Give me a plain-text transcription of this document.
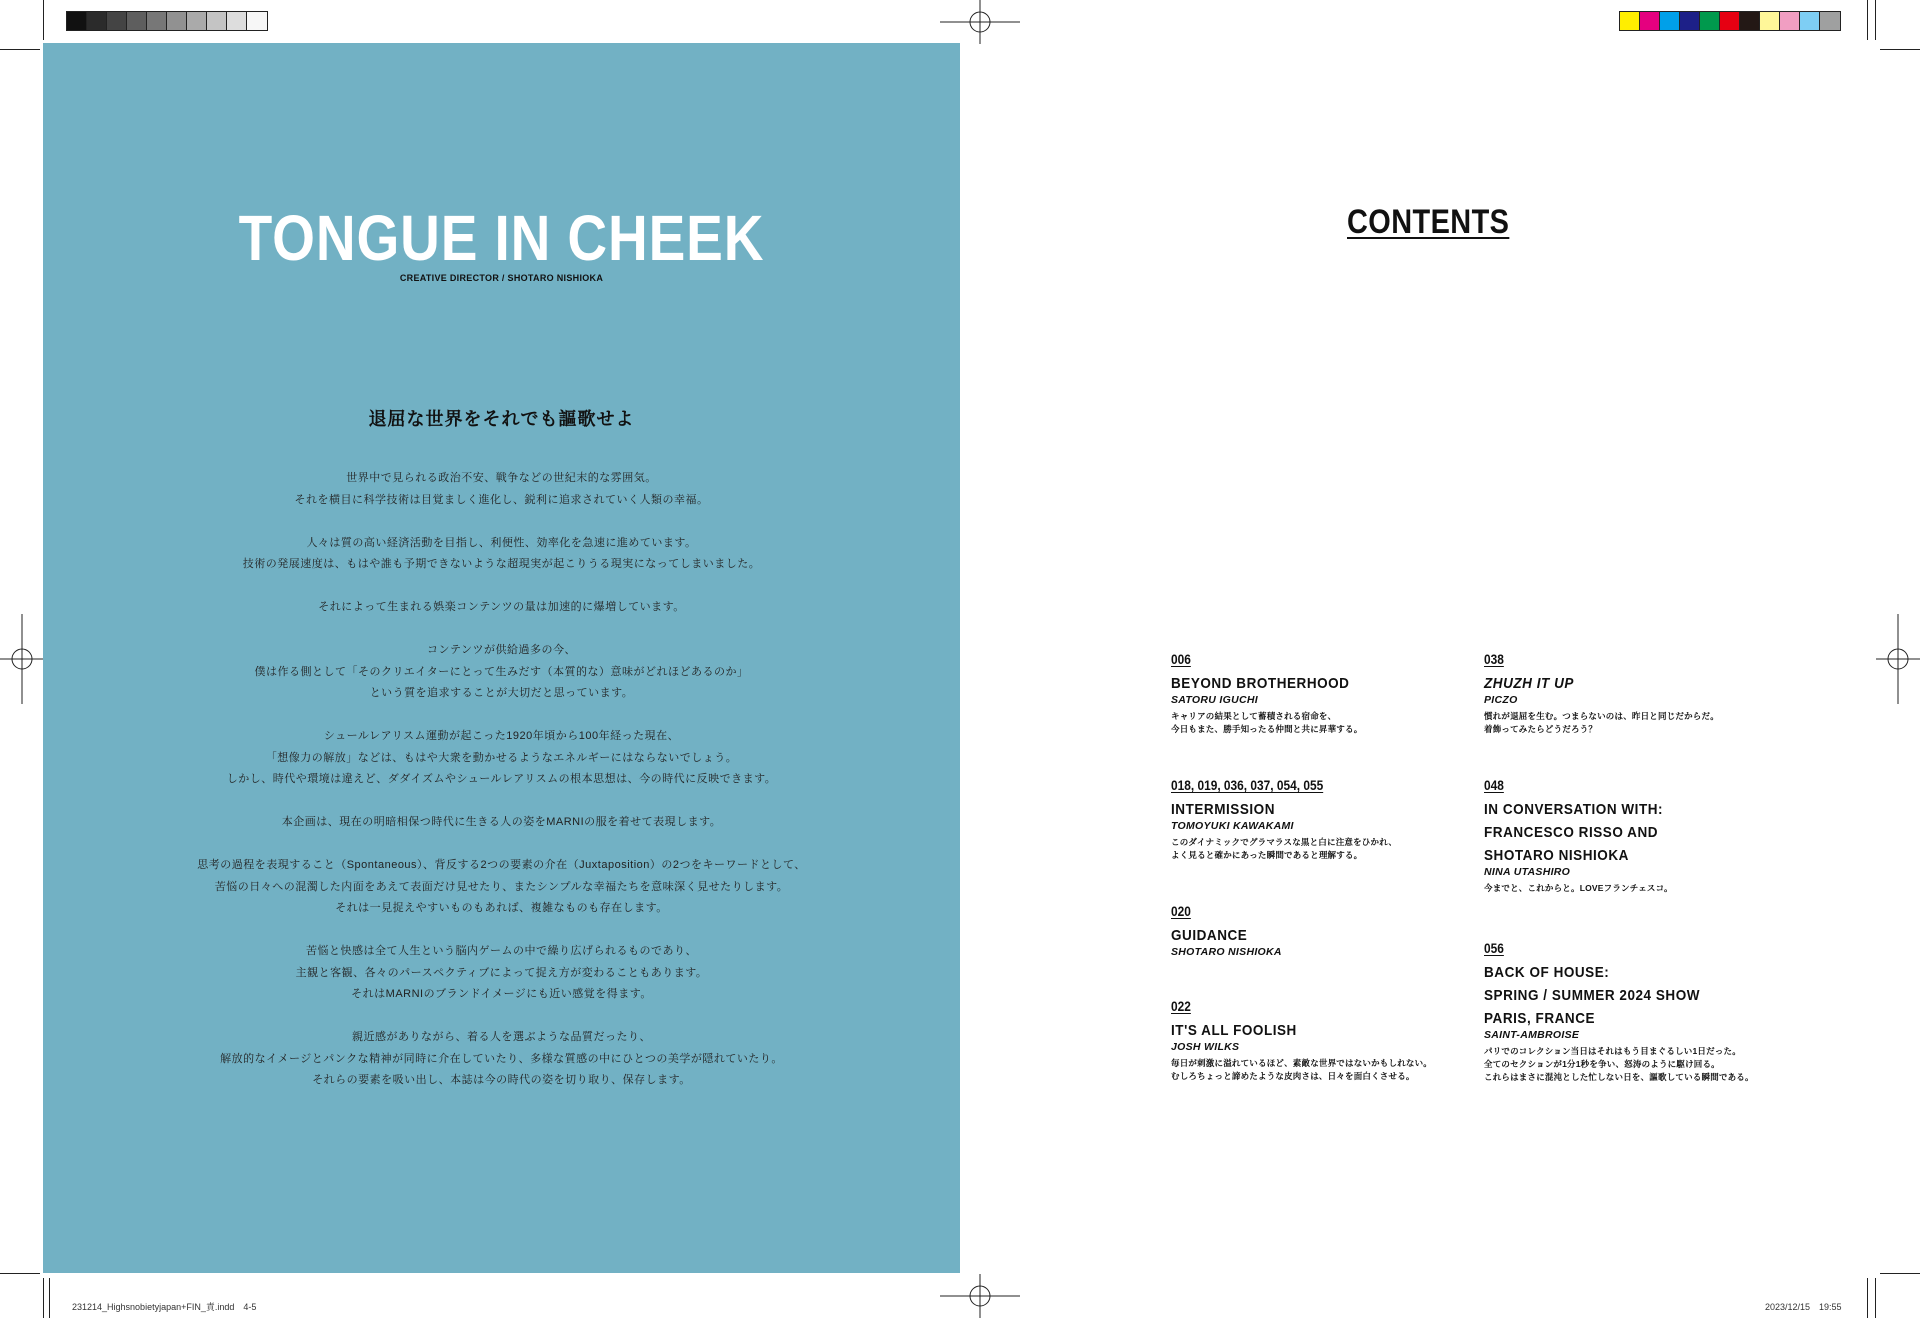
TONGUE IN CHEEK
CREATIVE DIRECTOR / SHOTARO NISHIOKA
退屈な世界をそれでも謳歌せよ

世界中で見られる政治不安、戦争などの世紀末的な雰囲気。
それを横目に科学技術は目覚ましく進化し、鋭利に追求されていく人類の幸福。

人々は質の高い経済活動を目指し、利便性、効率化を急速に進めています。
技術の発展速度は、もはや誰も予期できないような超現実が起こりうる現実になってしまいました。

それによって生まれる娯楽コンテンツの量は加速的に爆増しています。

コンテンツが供給過多の今、
僕は作る側として「そのクリエイターにとって生みだす（本質的な）意味がどれほどあるのか」
という質を追求することが大切だと思っています。

シュールレアリスム運動が起こった1920年頃から100年経った現在、
「想像力の解放」などは、もはや大衆を動かせるようなエネルギーにはならないでしょう。
しかし、時代や環境は違えど、ダダイズムやシュールレアリスムの根本思想は、今の時代に反映できます。

本企画は、現在の明暗相保つ時代に生きる人の姿をMARNIの服を着せて表現します。

思考の過程を表現すること（Spontaneous）、背反する2つの要素の介在（Juxtaposition）の2つをキーワードとして、
苦悩の日々への混濁した内面をあえて表面だけ見せたり、またシンプルな幸福たちを意味深く見せたりします。
それは一見捉えやすいものもあれば、複雑なものも存在します。

苦悩と快感は全て人生という脳内ゲームの中で繰り広げられるものであり、
主観と客観、各々のパースペクティブによって捉え方が変わることもあります。
それはMARNIのブランドイメージにも近い感覚を得ます。

親近感がありながら、着る人を選ぶような品質だったり、
解放的なイメージとパンクな精神が同時に介在していたり、多様な質感の中にひとつの美学が隠れていたり。
それらの要素を吸い出し、本誌は今の時代の姿を切り取り、保存します。

CONTENTS
006
BEYOND BROTHERHOOD
SATORU IGUCHI
キャリアの結果として蓄積される宿命を、
今日もまた、勝手知ったる仲間と共に昇華する。
018, 019, 036, 037, 054, 055
INTERMISSION
TOMOYUKI KAWAKAMI
このダイナミックでグラマラスな黒と白に注意をひかれ、
よく見ると確かにあった瞬間であると理解する。
020
GUIDANCE
SHOTARO NISHIOKA
022
IT'S ALL FOOLISH
JOSH WILKS
毎日が刺激に溢れているほど、素敵な世界ではないかもしれない。
むしろちょっと諦めたような皮肉さは、日々を面白くさせる。
038
ZHUZH IT UP
PICZO
慣れが退屈を生む。つまらないのは、昨日と同じだからだ。
着飾ってみたらどうだろう？
048
IN CONVERSATION WITH:
FRANCESCO RISSO AND
SHOTARO NISHIOKA
NINA UTASHIRO
今までと、これからと。LOVEフランチェスコ。
056
BACK OF HOUSE:
SPRING / SUMMER 2024 SHOW
PARIS, FRANCE
SAINT-AMBROISE
パリでのコレクション当日はそれはもう目まぐるしい1日だった。
全てのセクションが1分1秒を争い、怒涛のように駆け回る。
これらはまさに混沌とした忙しない日を、謳歌している瞬間である。
231214_Highsnobietyjapan+FIN_責.indd　4-5	2023/12/15　19:55
